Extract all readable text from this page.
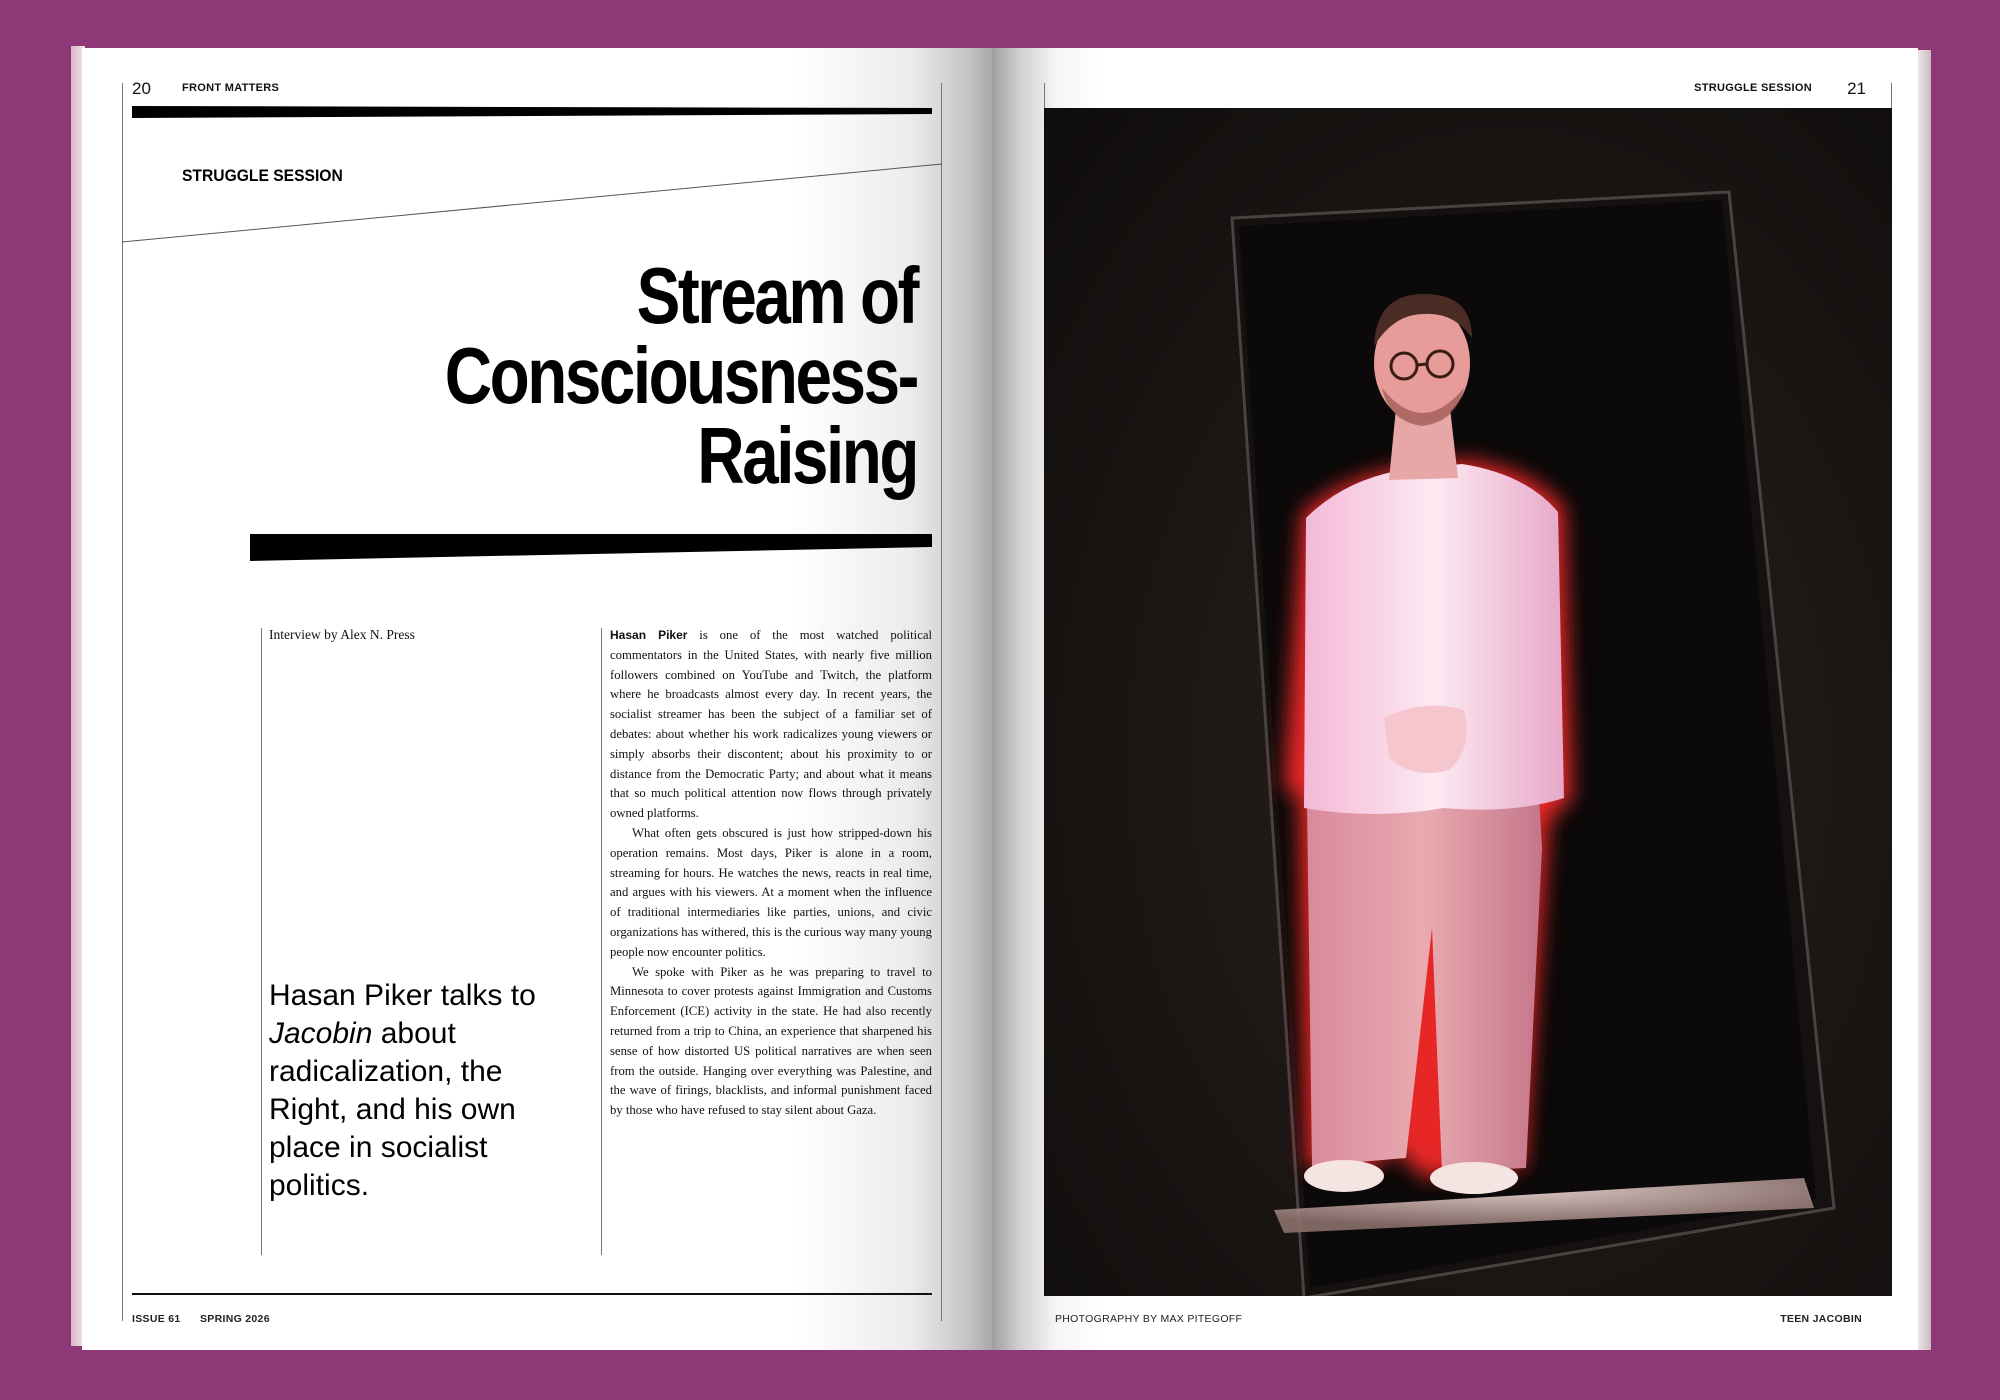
20	FRONT MATTERS
STRUGGLE SESSION
Stream of
Consciousness-
Raising
Interview by Alex N. Press
Hasan Piker talks to
Jacobin about
radicalization, the
Right, and his own
place in socialist
politics.

Hasan Piker is one of the most watched political commentators in the United States, with nearly five million followers combined on YouTube and Twitch, the platform where he broadcasts almost every day. In recent years, the socialist streamer has been the subject of a familiar set of debates: about whether his work radicalizes young viewers or simply absorbs their discontent; about his proximity to or distance from the Democratic Party; and about what it means that so much political attention now flows through privately owned platforms.

What often gets obscured is just how stripped-down his operation remains. Most days, Piker is alone in a room, streaming for hours. He watches the news, reacts in real time, and argues with his viewers. At a moment when the influence of traditional intermediaries like parties, unions, and civic organizations has withered, this is the curious way many young people now encounter politics.

We spoke with Piker as he was preparing to travel to Minnesota to cover protests against Immigration and Customs Enforcement (ICE) activity in the state. He had also recently returned from a trip to China, an experience that sharpened his sense of how distorted US political narratives are when seen from the outside. Hanging over everything was Palestine, and the wave of firings, blacklists, and informal punishment faced by those who have refused to stay silent about Gaza.

ISSUE 61 SPRING 2026
STRUGGLE SESSION 21
PHOTOGRAPHY BY MAX PITEGOFF	TEEN JACOBIN
